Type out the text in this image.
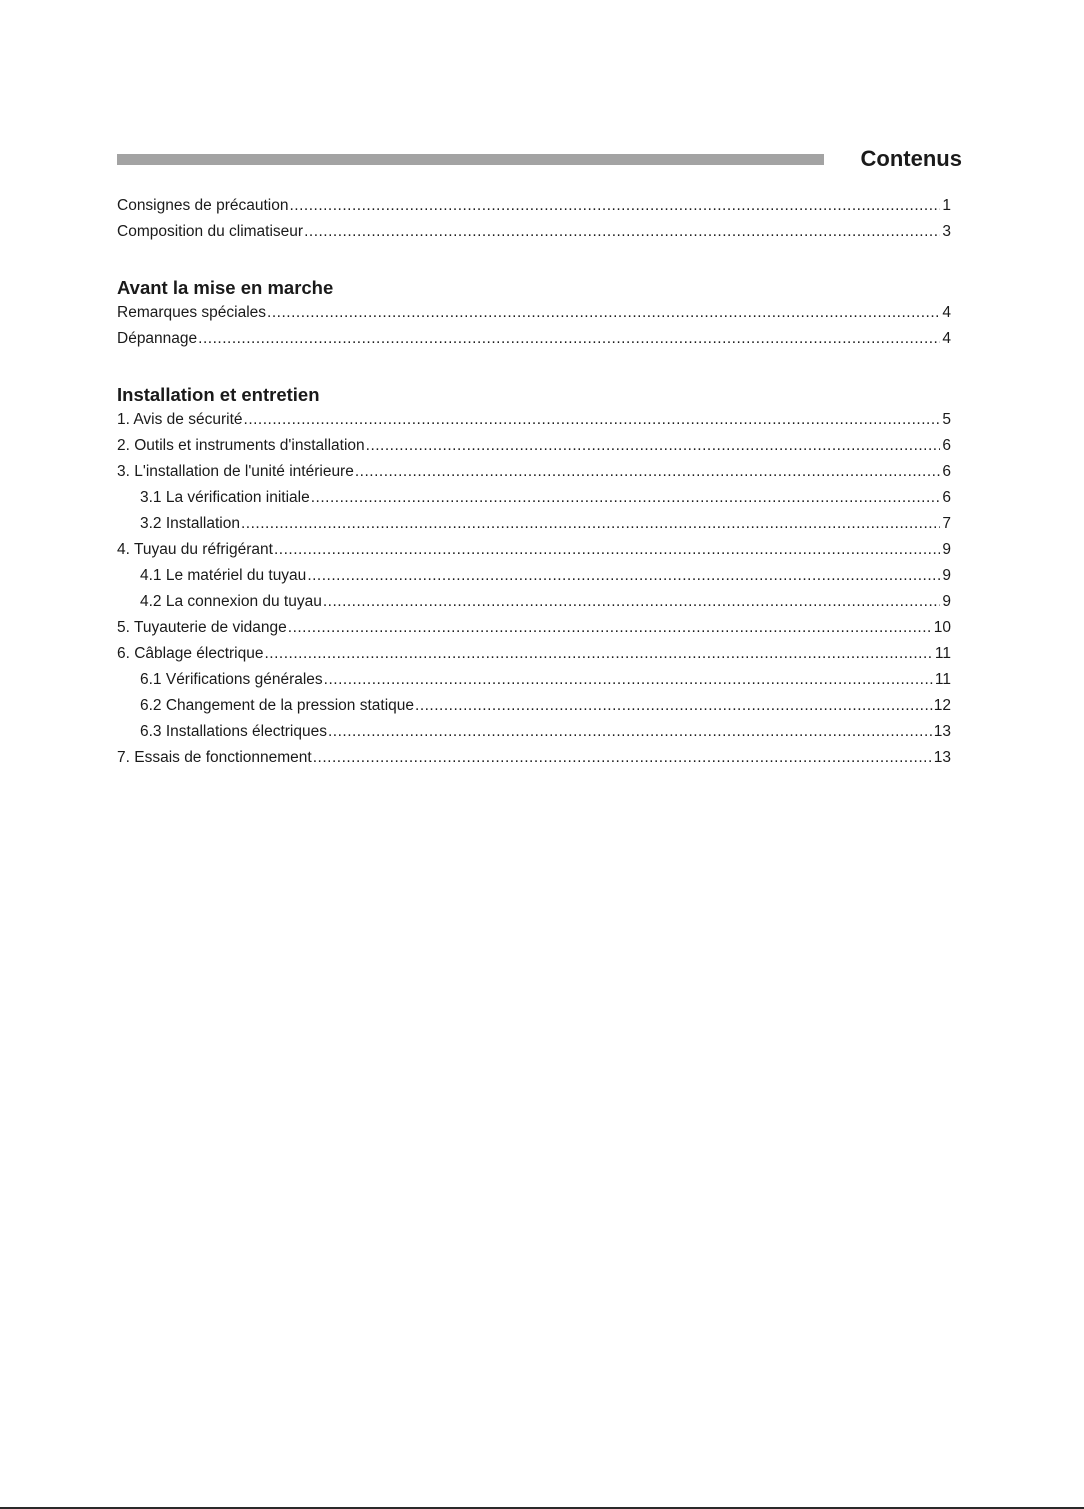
Contenus
Consignes de précaution .....	1
Composition du climatiseur .....	3
Avant la mise en marche
Remarques spéciales .....	4
Dépannage .....	4
Installation et entretien
1. Avis de sécurité .....	5
2. Outils et instruments d'installation .....	6
3. L'installation de l'unité intérieure .....	6
3.1 La vérification initiale .....	6
3.2 Installation .....	7
4. Tuyau du réfrigérant .....	9
4.1 Le matériel du tuyau .....	9
4.2 La connexion du tuyau .....	9
5. Tuyauterie de vidange .....	10
6. Câblage électrique .....	11
6.1 Vérifications générales .....	11
6.2 Changement de la pression statique .....	12
6.3 Installations électriques .....	13
7. Essais de fonctionnement .....	13
